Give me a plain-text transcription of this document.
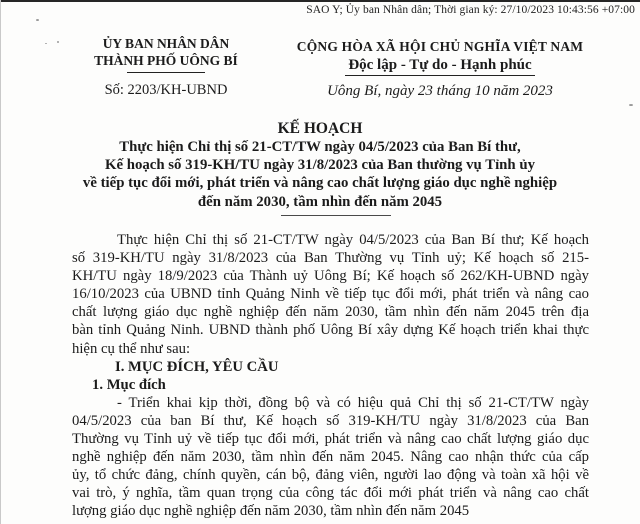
SAO Y; Ủy ban Nhân dân; Thời gian ký: 27/10/2023 10:43:56 +07:00
ỦY BAN NHÂN DÂN
THÀNH PHỐ UÔNG BÍ
Số: 2203/KH-UBND
CỘNG HÒA XÃ HỘI CHỦ NGHĨA VIỆT NAM
Độc lập - Tự do - Hạnh phúc
Uông Bí, ngày 23 tháng 10 năm 2023
KẾ HOẠCH
Thực hiện Chỉ thị số 21-CT/TW ngày 04/5/2023 của Ban Bí thư,
Kế hoạch số 319-KH/TU ngày 31/8/2023 của Ban thường vụ Tỉnh ủy
về tiếp tục đổi mới, phát triển và nâng cao chất lượng giáo dục nghề nghiệp
đến năm 2030, tầm nhìn đến năm 2045
Thực hiện Chỉ thị số 21-CT/TW ngày 04/5/2023 của Ban Bí thư; Kế hoạch
số 319-KH/TU ngày 31/8/2023 của Ban Thường vụ Tỉnh uỷ; Kế hoạch số 215-
KH/TU ngày 18/9/2023 của Thành uỷ Uông Bí; Kế hoạch số 262/KH-UBND ngày
16/10/2023 của UBND tỉnh Quảng Ninh về tiếp tục đổi mới, phát triển và nâng cao
chất lượng giáo dục nghề nghiệp đến năm 2030, tầm nhìn đến năm 2045 trên địa
bàn tỉnh Quảng Ninh. UBND thành phố Uông Bí xây dựng Kế hoạch triển khai thực
hiện cụ thể như sau:
I. MỤC ĐÍCH, YÊU CẦU
1. Mục đích
- Triển khai kịp thời, đồng bộ và có hiệu quả Chỉ thị số 21-CT/TW ngày
04/5/2023 của ban Bí thư, Kế hoạch số 319-KH/TU ngày 31/8/2023 của Ban
Thường vụ Tỉnh uỷ về tiếp tục đổi mới, phát triển và nâng cao chất lượng giáo dục
nghề nghiệp đến năm 2030, tầm nhìn đến năm 2045. Nâng cao nhận thức của cấp
ủy, tổ chức đảng, chính quyền, cán bộ, đảng viên, người lao động và toàn xã hội về
vai trò, ý nghĩa, tầm quan trọng của công tác đổi mới phát triển và nâng cao chất
lượng giáo dục nghề nghiệp đến năm 2030, tầm nhìn đến năm 2045
